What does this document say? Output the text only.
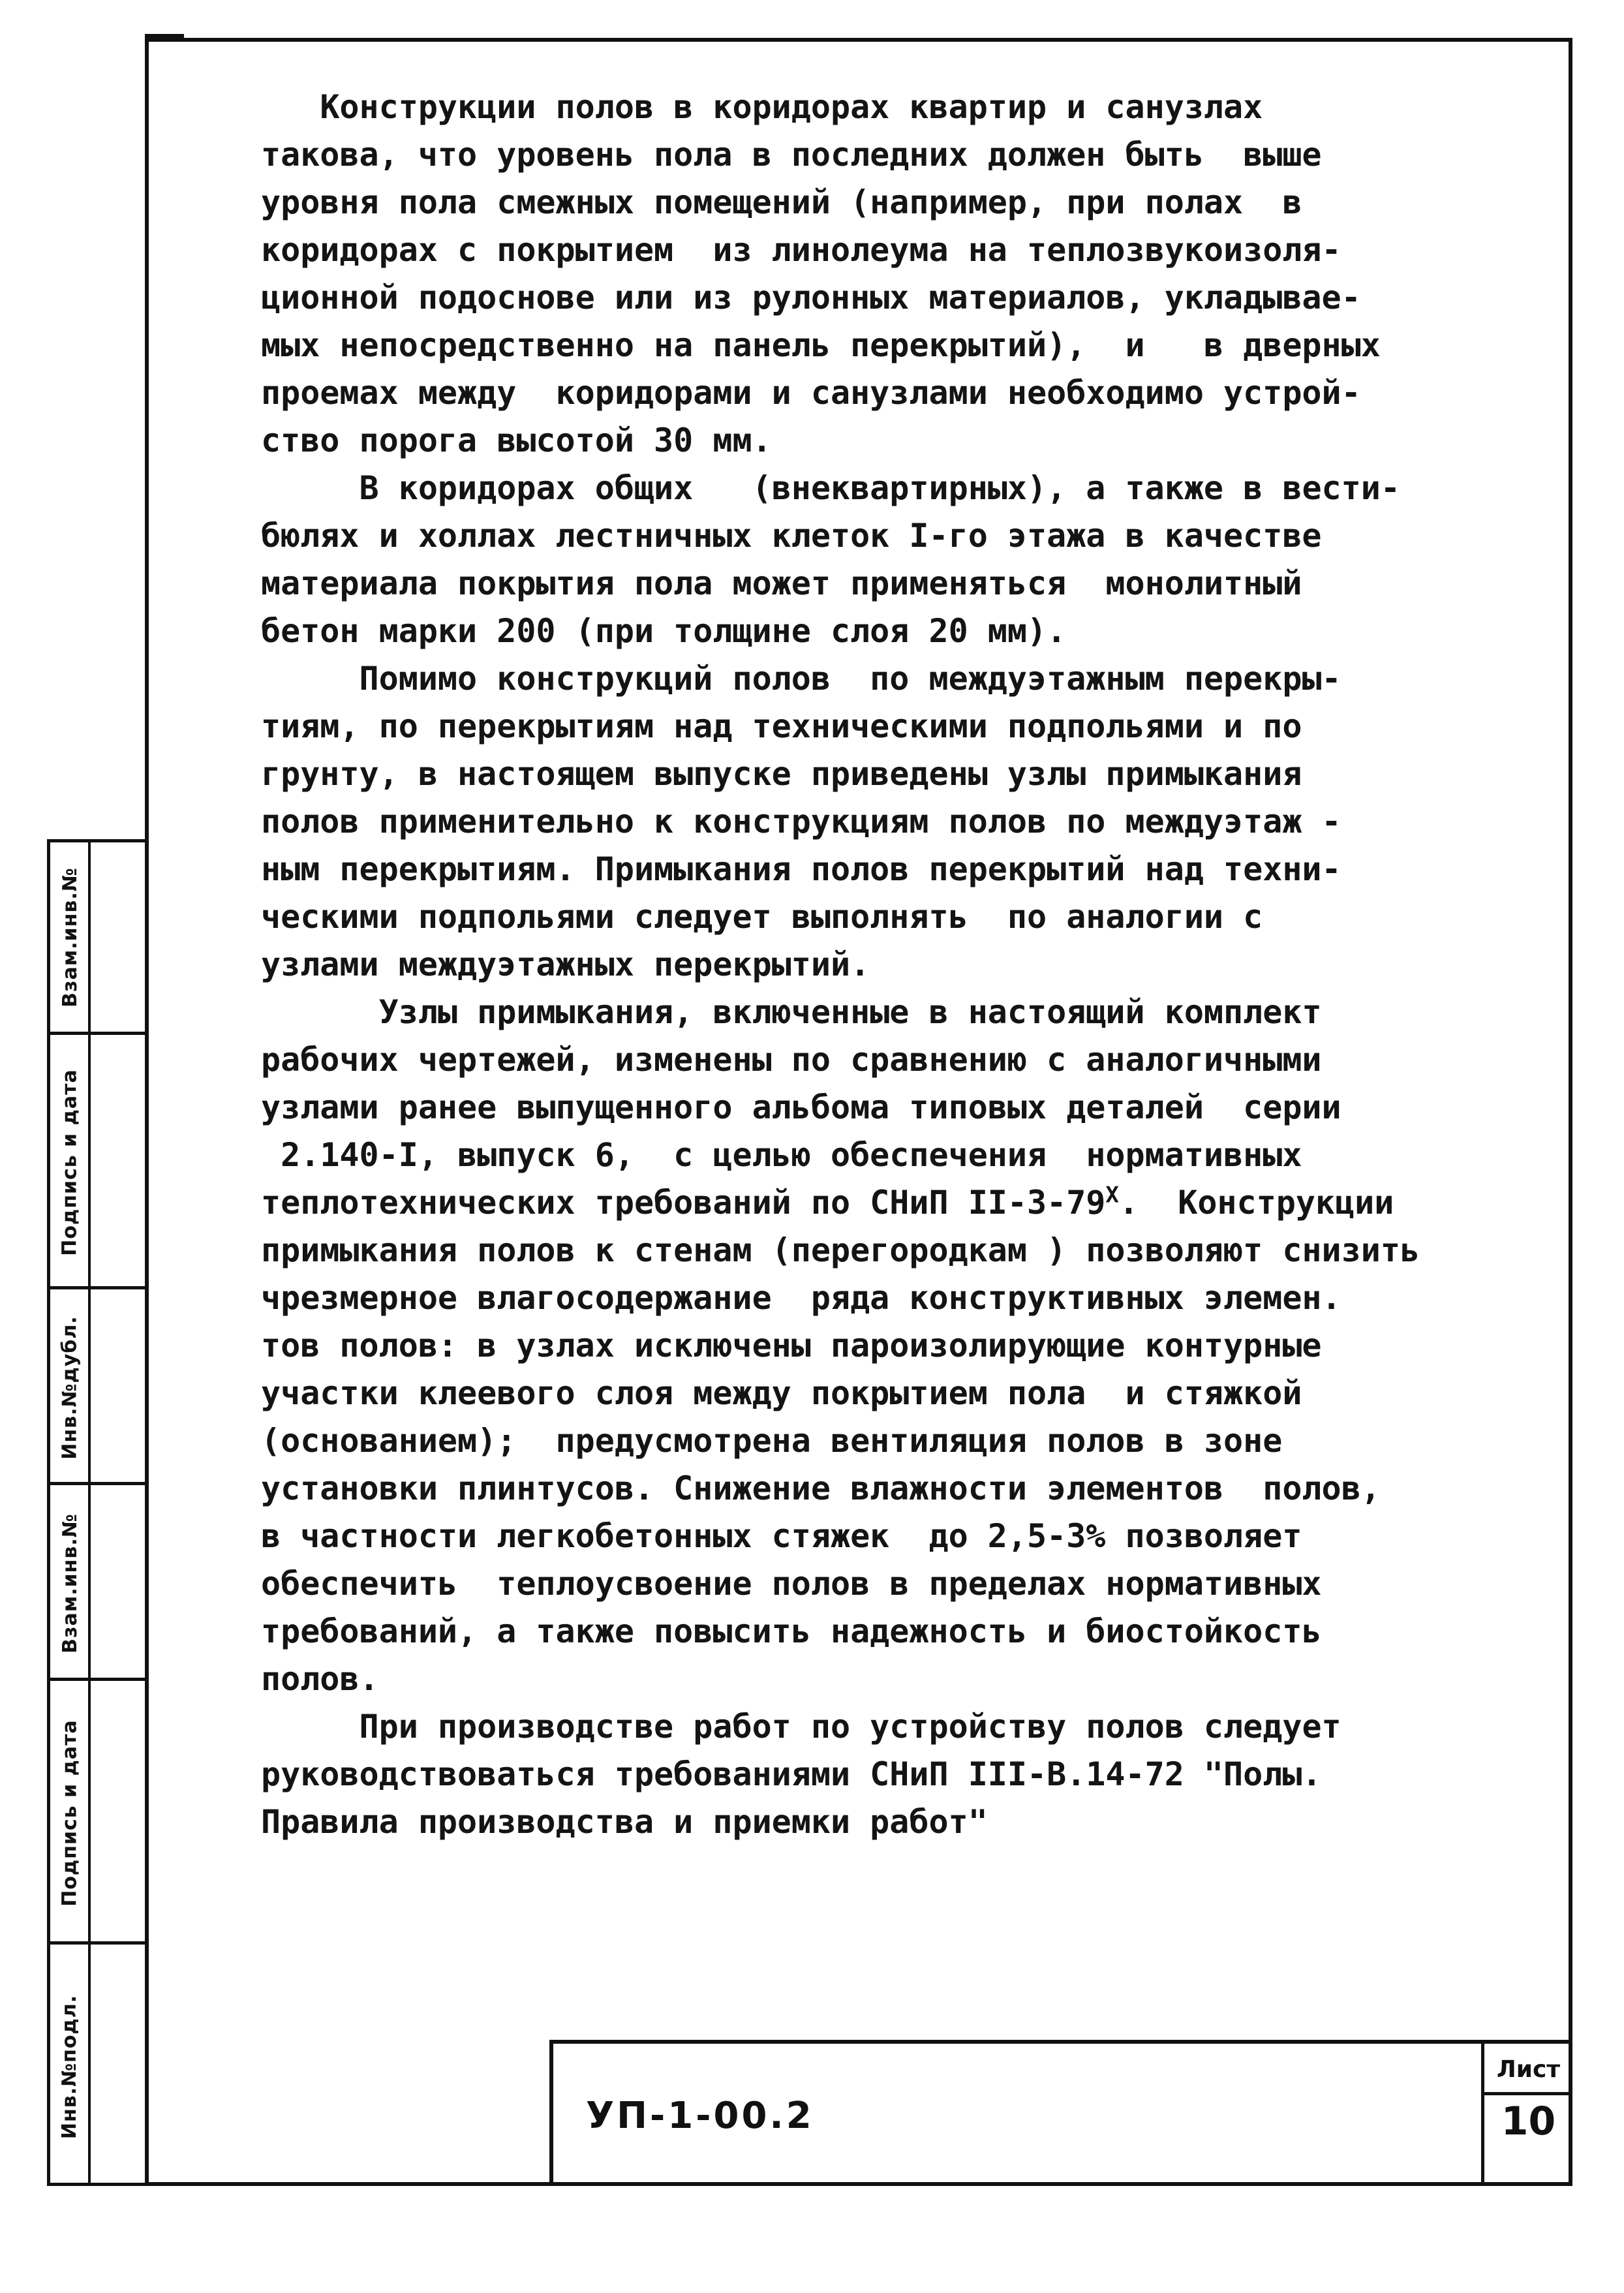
Взам.инв.№
Подпись и дата
Инв.№дубл.
Взам.инв.№
Подпись и дата
Инв.№подл.

Конструкции полов в коридорах квартир и санузлах
такова, что уровень пола в последних должен быть  выше
уровня пола смежных помещений (например, при полах  в
коридорах с покрытием  из линолеума на теплозвукоизоля-
ционной подоснове или из рулонных материалов, укладывае-
мых непосредственно на панель перекрытий),  и   в дверных
проемах между  коридорами и санузлами необходимо устрой-
ство порога высотой 30 мм.

В коридорах общих   (внеквартирных), а также в вести-
бюлях и холлах лестничных клеток I-го этажа в качестве
материала покрытия пола может применяться  монолитный
бетон марки 200 (при толщине слоя 20 мм).

Помимо конструкций полов  по междуэтажным перекры-
тиям, по перекрытиям над техническими подпольями и по
грунту, в настоящем выпуске приведены узлы примыкания
полов применительно к конструкциям полов по междуэтаж -
ным перекрытиям. Примыкания полов перекрытий над техни-
ческими подпольями следует выполнять  по аналогии с
узлами междуэтажных перекрытий.

Узлы примыкания, включенные в настоящий комплект
рабочих чертежей, изменены по сравнению с аналогичными
узлами ранее выпущенного альбома типовых деталей  серии
2.140-I, выпуск 6,  с целью обеспечения  нормативных
теплотехнических требований по СНиП $II-3-79^Х$.  Конструкции
примыкания полов к стенам (перегородкам ) позволяют снизить
чрезмерное влагосодержание  ряда конструктивных элемен.
тов полов: в узлах исключены пароизолирующие контурные
участки клеевого слоя между покрытием пола  и стяжкой
(основанием);  предусмотрена вентиляция полов в зоне
установки плинтусов. Снижение влажности элементов  полов,
в частности легкобетонных стяжек  до 2,5-3% позволяет
обеспечить  теплоусвоение полов в пределах нормативных
требований, а также повысить надежность и биостойкость
полов.

При производстве работ по устройству полов следует
руководствоваться требованиями СНиП III-В.14-72 "Полы.
Правила производства и приемки работ"

УП-1-00.2
Лист
10
